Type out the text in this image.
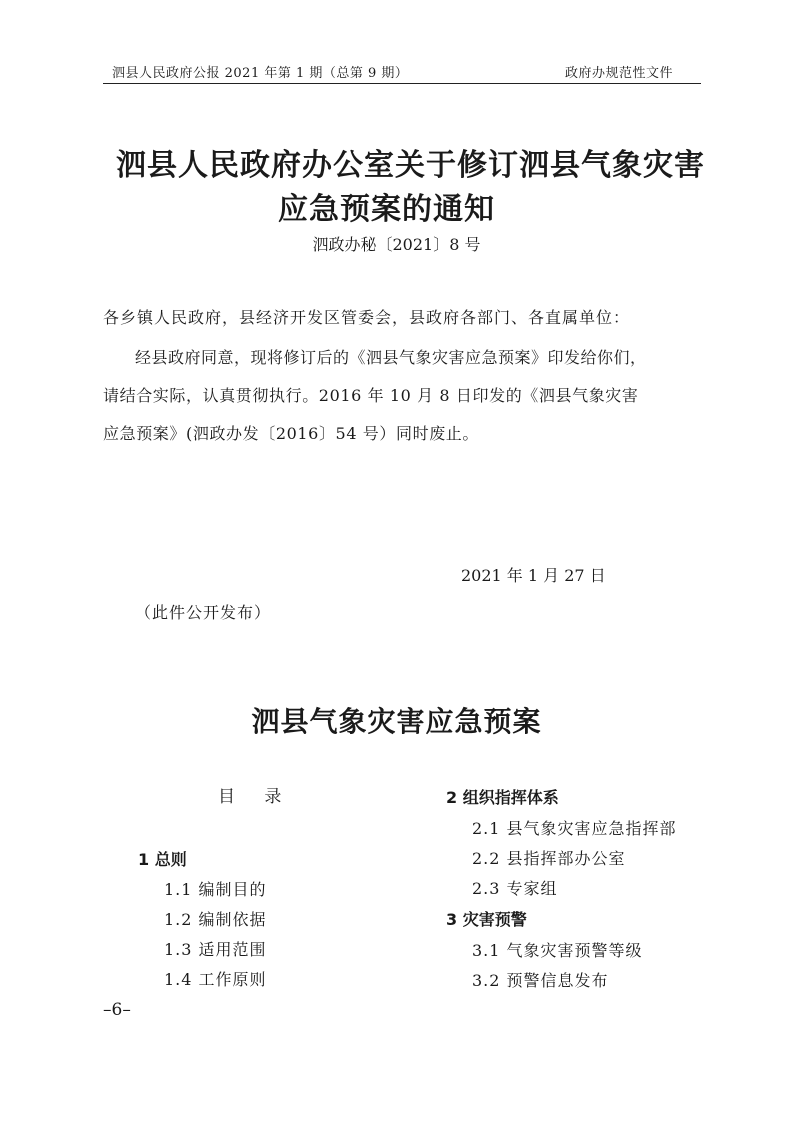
泗县人民政府公报 2021 年第 1 期（总第 9 期）	政府办规范性文件
泗县人民政府办公室关于修订泗县气象灾害
应急预案的通知
泗政办秘〔2021〕8 号
各乡镇人民政府，县经济开发区管委会，县政府各部门、各直属单位：
经县政府同意，现将修订后的《泗县气象灾害应急预案》印发给你们，
请结合实际，认真贯彻执行。2016 年 10 月 8 日印发的《泗县气象灾害
应急预案》(泗政办发〔2016〕54 号）同时废止。
2021 年 1 月 27 日
（此件公开发布）
泗县气象灾害应急预案
目 录
1 总则
1.1 编制目的
1.2 编制依据
1.3 适用范围
1.4 工作原则
2 组织指挥体系
2.1 县气象灾害应急指挥部
2.2 县指挥部办公室
2.3 专家组
3 灾害预警
3.1 气象灾害预警等级
3.2 预警信息发布
–6–
